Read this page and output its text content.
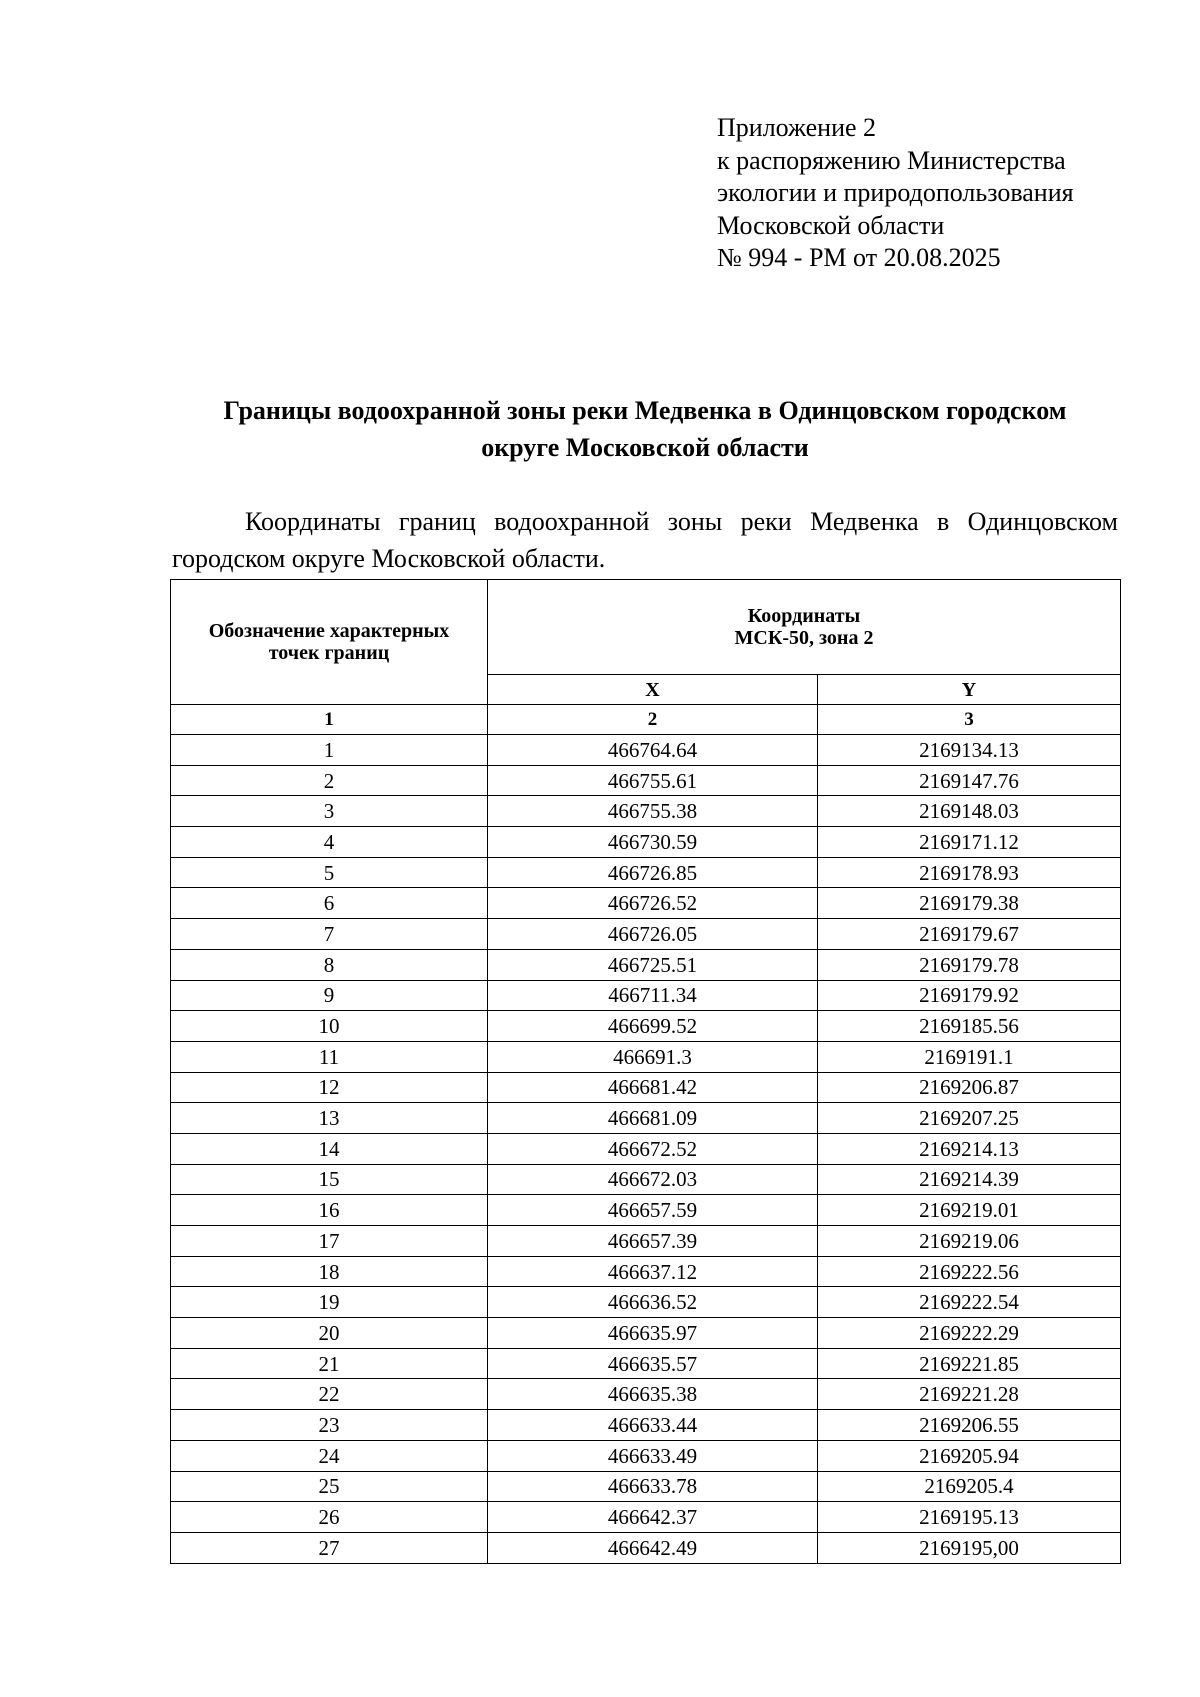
Приложение 2
к распоряжению Министерства
экологии и природопользования
Московской области
№ 994 - РМ от 20.08.2025
Границы водоохранной зоны реки Медвенка в Одинцовском городском
округе Московской области
Координаты границ водоохранной зоны реки Медвенка в Одинцовском городском округе Московской области.
Обозначение характерных
точек границ	Координаты
МСК-50, зона 2	

	X	Y
1	2	3
1	466764.64	2169134.13
2	466755.61	2169147.76
3	466755.38	2169148.03
4	466730.59	2169171.12
5	466726.85	2169178.93
6	466726.52	2169179.38
7	466726.05	2169179.67
8	466725.51	2169179.78
9	466711.34	2169179.92
10	466699.52	2169185.56
11	466691.3	2169191.1
12	466681.42	2169206.87
13	466681.09	2169207.25
14	466672.52	2169214.13
15	466672.03	2169214.39
16	466657.59	2169219.01
17	466657.39	2169219.06
18	466637.12	2169222.56
19	466636.52	2169222.54
20	466635.97	2169222.29
21	466635.57	2169221.85
22	466635.38	2169221.28
23	466633.44	2169206.55
24	466633.49	2169205.94
25	466633.78	2169205.4
26	466642.37	2169195.13
27	466642.49	2169195,00
